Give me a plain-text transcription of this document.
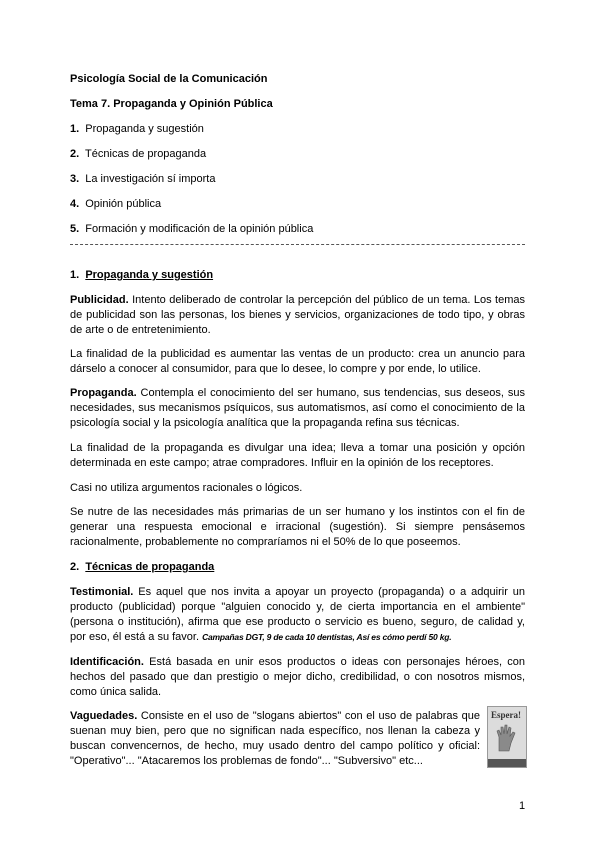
Psicología Social de la Comunicación
Tema 7. Propaganda y Opinión Pública
1. Propaganda y sugestión
2. Técnicas de propaganda
3. La investigación sí importa
4. Opinión pública
5. Formación y modificación de la opinión pública
1. Propaganda y sugestión
Publicidad. Intento deliberado de controlar la percepción del público de un tema. Los temas de publicidad son las personas, los bienes y servicios, organizaciones de todo tipo, y obras de arte o de entretenimiento.
La finalidad de la publicidad es aumentar las ventas de un producto: crea un anuncio para dárselo a conocer al consumidor, para que lo desee, lo compre y por ende, lo utilice.
Propaganda. Contempla el conocimiento del ser humano, sus tendencias, sus deseos, sus necesidades, sus mecanismos psíquicos, sus automatismos, así como el conocimiento de la psicología social y la psicología analítica que la propaganda refina sus técnicas.
La finalidad de la propaganda es divulgar una idea; lleva a tomar una posición y opción determinada en este campo; atrae compradores. Influir en la opinión de los receptores.
Casi no utiliza argumentos racionales o lógicos.
Se nutre de las necesidades más primarias de un ser humano y los instintos con el fin de generar una respuesta emocional e irracional (sugestión). Si siempre pensásemos racionalmente, probablemente no compraríamos ni el 50% de lo que poseemos.
2. Técnicas de propaganda
Testimonial. Es aquel que nos invita a apoyar un proyecto (propaganda) o a adquirir un producto (publicidad) porque "alguien conocido y, de cierta importancia en el ambiente" (persona o institución), afirma que ese producto o servicio es bueno, seguro, de calidad y, por eso, él está a su favor. Campañas DGT, 9 de cada 10 dentistas, Así es cómo perdí 50 kg.
Identificación. Está basada en unir esos productos o ideas con personajes héroes, con hechos del pasado que dan prestigio o mejor dicho, credibilidad, o con nosotros mismos, como única salida.
Vaguedades. Consiste en el uso de "slogans abiertos" con el uso de palabras que suenan muy bien, pero que no significan nada específico, nos llenan la cabeza y buscan convencernos, de hecho, muy usado dentro del campo político y oficial: "Operativo"... "Atacaremos los problemas de fondo"... "Subversivo" etc...
Espera!
1
